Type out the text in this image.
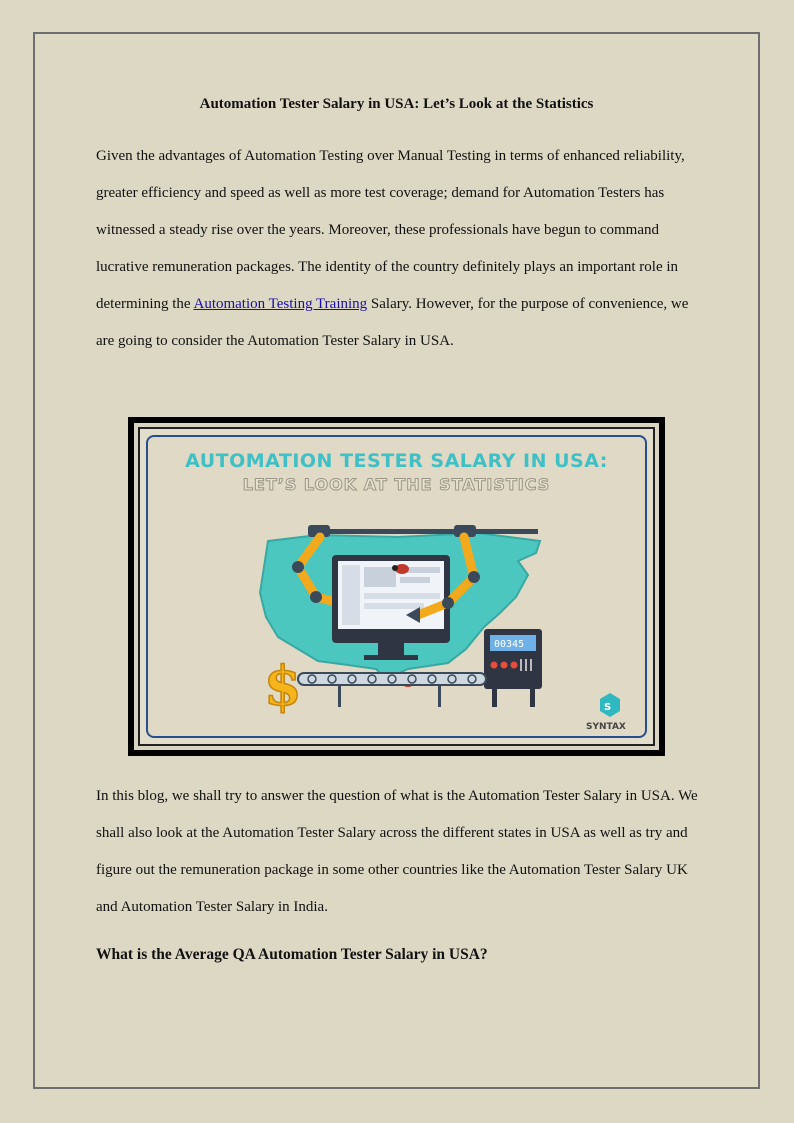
Automation Tester Salary in USA: Let’s Look at the Statistics

Given the advantages of Automation Testing over Manual Testing in terms of enhanced reliability, greater efficiency and speed as well as more test coverage; demand for Automation Testers has witnessed a steady rise over the years. Moreover, these professionals have begun to command lucrative remuneration packages. The identity of the country definitely plays an important role in determining the Automation Testing Training Salary. However, for the purpose of convenience, we are going to consider the Automation Tester Salary in USA.

AUTOMATION TESTER SALARY IN USA:
LET’S LOOK AT THE STATISTICS
00345
$	S
SYNTAX

In this blog, we shall try to answer the question of what is the Automation Tester Salary in USA. We shall also look at the Automation Tester Salary across the different states in USA as well as try and figure out the remuneration package in some other countries like the Automation Tester Salary UK and Automation Tester Salary in India.

What is the Average QA Automation Tester Salary in USA?
